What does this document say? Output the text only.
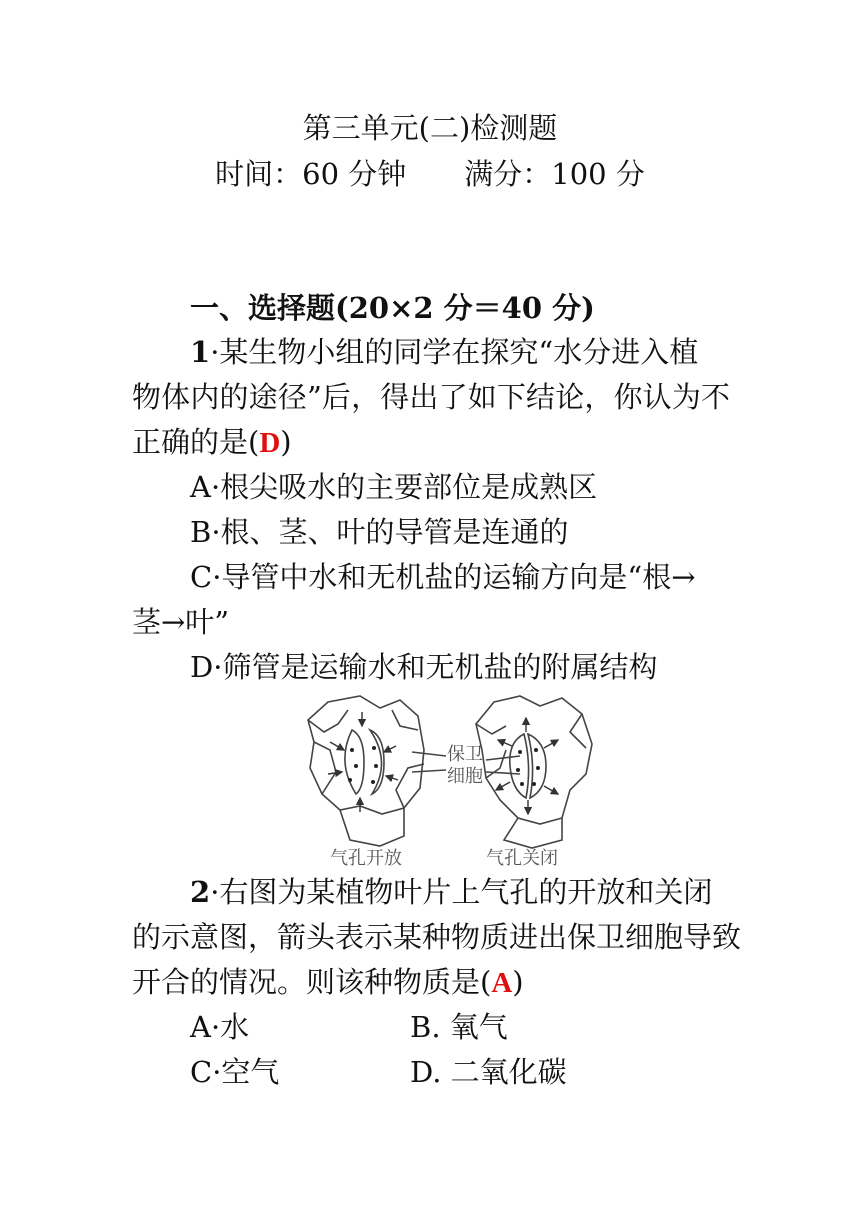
第三单元(二)检测题
时间：60 分钟 满分：100 分
一、选择题(20×2 分＝40 分)
1·某生物小组的同学在探究“水分进入植
物体内的途径”后，得出了如下结论，你认为不
正确的是(D)
A·根尖吸水的主要部位是成熟区
B·根、茎、叶的导管是连通的
C·导管中水和无机盐的运输方向是“根→
茎→叶”
D·筛管是运输水和无机盐的附属结构
保卫
细胞
气孔开放	气孔关闭
2·右图为某植物叶片上气孔的开放和关闭
的示意图，箭头表示某种物质进出保卫细胞导致
开合的情况。则该种物质是(A)
A·水	B. 氧气
C·空气	D. 二氧化碳
